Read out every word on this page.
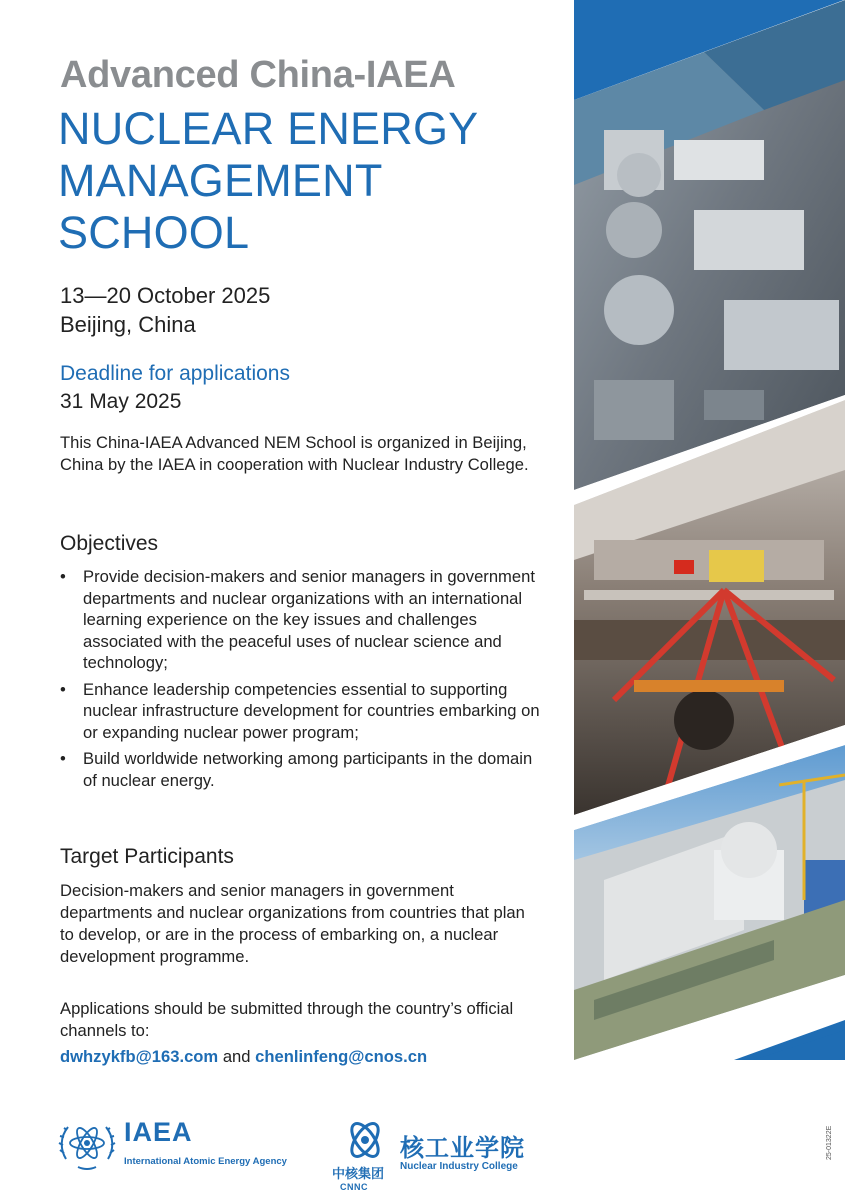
Advanced China-IAEA
NUCLEAR ENERGY
MANAGEMENT
SCHOOL
13—20 October 2025
Beijing, China
Deadline for applications
31 May 2025

This China-IAEA Advanced NEM School is organized in Beijing, China by the IAEA in cooperation with Nuclear Industry College.

Objectives
• Provide decision-makers and senior managers in government departments and nuclear organizations with an international learning experience on the key issues and challenges associated with the peaceful uses of nuclear science and technology;
• Enhance leadership competencies essential to supporting nuclear infrastructure development for countries embarking on or expanding nuclear power program;
• Build worldwide networking among participants in the domain of nuclear energy.
Target Participants

Decision-makers and senior managers in government departments and nuclear organizations from countries that plan to develop, or are in the process of embarking on, a nuclear development programme.

Applications should be submitted through the country’s official channels to:

dwhzykfb@163.com and chenlinfeng@cnos.cn
IAEA
International Atomic Energy Agency
中核集团
CNNC
核工业学院
Nuclear Industry College
25-01322E
